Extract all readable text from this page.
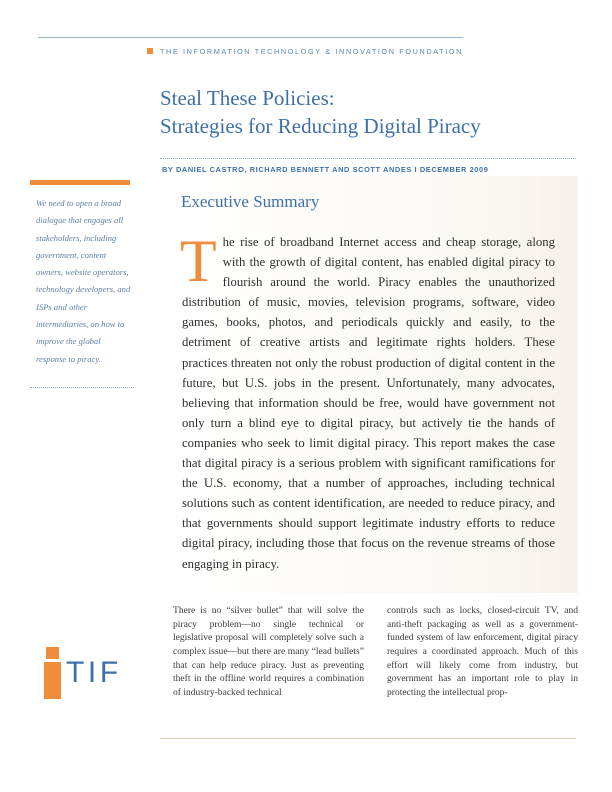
THE INFORMATION TECHNOLOGY & INNOVATION FOUNDATION
Steal These Policies:
Strategies for Reducing Digital Piracy
BY DANIEL CASTRO, RICHARD BENNETT AND SCOTT ANDES I DECEMBER 2009
We need to open a broad dialogue that engages all stakeholders, including government, content owners, website operators, technology developers, and ISPs and other intermediaries, on how to improve the global response to piracy.
Executive Summary
The rise of broadband Internet access and cheap storage, along with the growth of digital content, has enabled digital piracy to flourish around the world. Piracy enables the unauthorized distribution of music, movies, television programs, software, video games, books, photos, and periodicals quickly and easily, to the detriment of creative artists and legitimate rights holders. These practices threaten not only the robust production of digital content in the future, but U.S. jobs in the present. Unfortunately, many advocates, believing that information should be free, would have government not only turn a blind eye to digital piracy, but actively tie the hands of companies who seek to limit digital piracy. This report makes the case that digital piracy is a serious problem with significant ramifications for the U.S. economy, that a number of approaches, including technical solutions such as content identification, are needed to reduce piracy, and that governments should support legitimate industry efforts to reduce digital piracy, including those that focus on the revenue streams of those engaging in piracy.
There is no “silver bullet” that will solve the piracy problem—no single technical or legislative proposal will completely solve such a complex issue—but there are many “lead bullets” that can help reduce piracy. Just as preventing theft in the offline world requires a combination of industry-backed technical
controls such as locks, closed-circuit TV, and anti-theft packaging as well as a government-funded system of law enforcement, digital piracy requires a coordinated approach. Much of this effort will likely come from industry, but government has an important role to play in protecting the intellectual prop-
TIF
